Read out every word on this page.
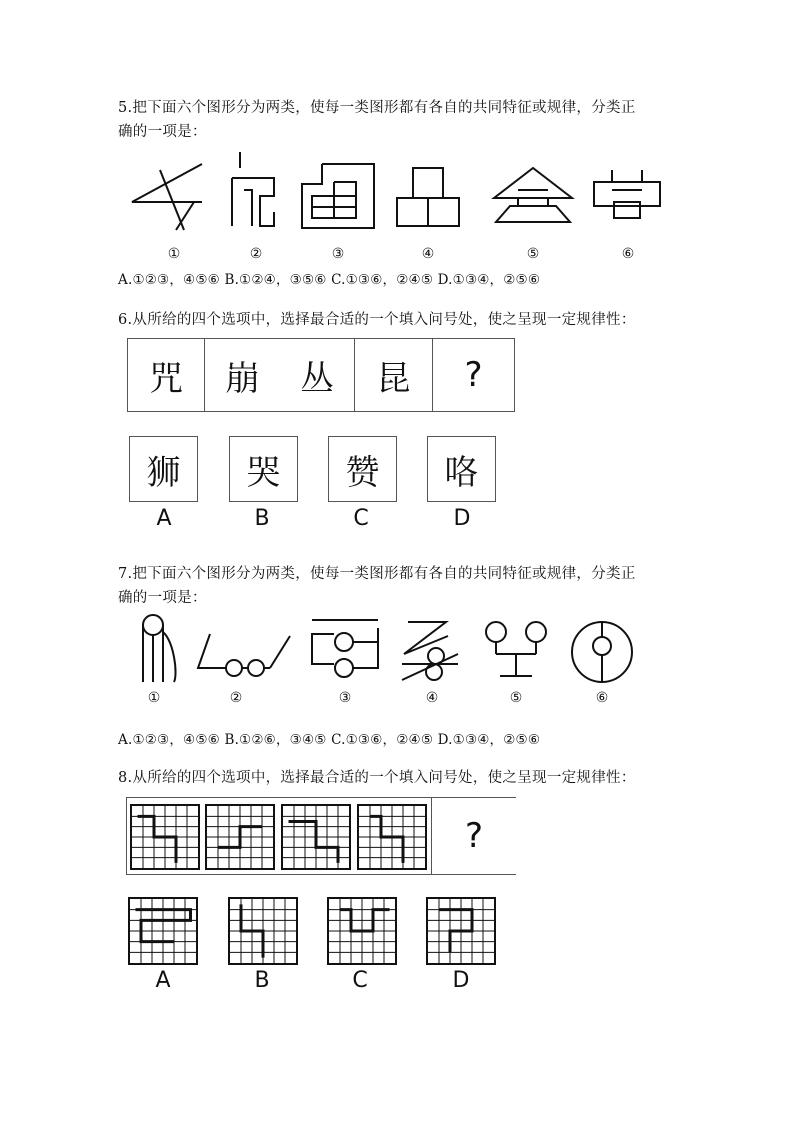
5.把下面六个图形分为两类，使每一类图形都有各自的共同特征或规律，分类正
确的一项是：
①	②	③	④	⑤	⑥
A.①②③，④⑤⑥ B.①②④，③⑤⑥ C.①③⑥，②④⑤ D.①③④，②⑤⑥
6.从所给的四个选项中，选择最合适的一个填入问号处，使之呈现一定规律性：
咒	崩	丛	昆	?
狮	哭	赞	咯
A	B	C	D
7.把下面六个图形分为两类，使每一类图形都有各自的共同特征或规律，分类正
确的一项是：
①	②	③	④	⑤	⑥
A.①②③，④⑤⑥ B.①②⑥，③④⑤ C.①③⑥，②④⑤ D.①③④，②⑤⑥
8.从所给的四个选项中，选择最合适的一个填入问号处，使之呈现一定规律性：
?
A	B	C	D
